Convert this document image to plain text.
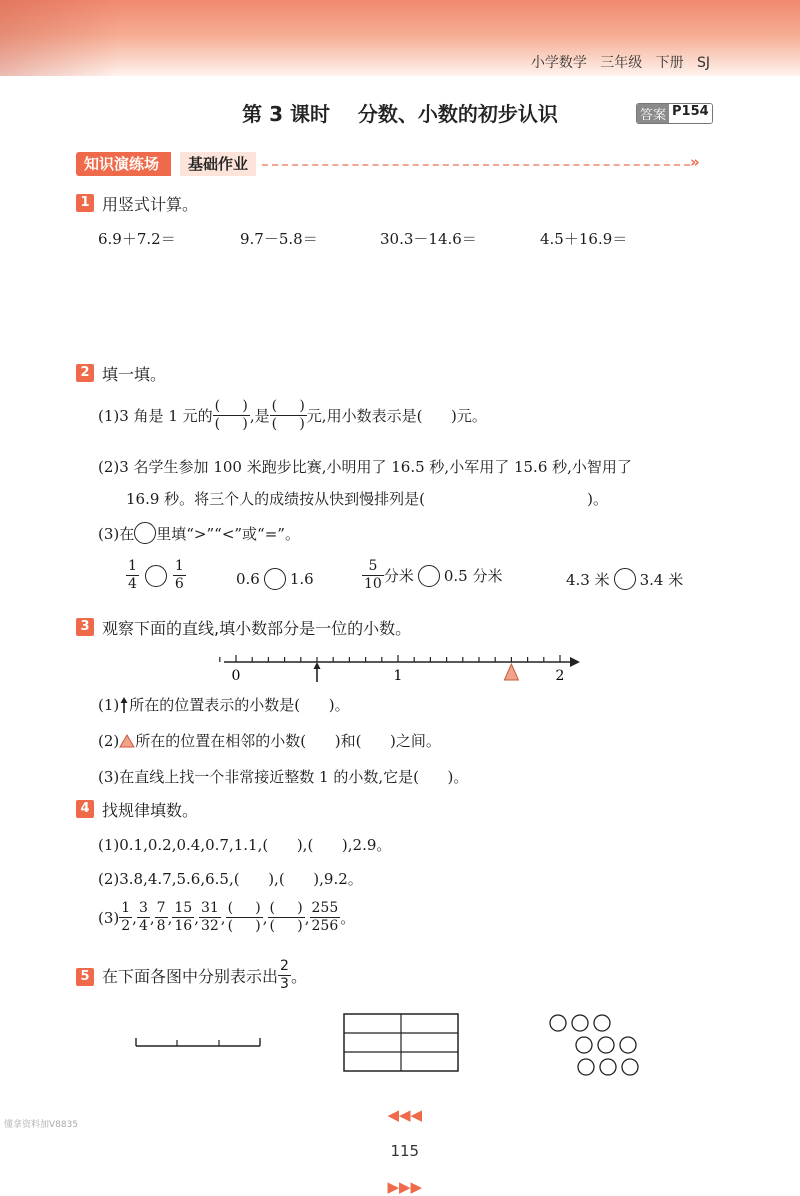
小学数学   三年级   下册   SJ
第 3 课时    分数、小数的初步认识	答案 P154
知识演练场	基础作业	»
1 用竖式计算。
6.9＋7.2＝	9.7－5.8＝	30.3－14.6＝	4.5＋16.9＝
2 填一填。
(1)3 角是 1 元的 $\frac{( )}{( )}$ ,是 $\frac{( )}{( )}$ 元,用小数表示是(      )元。
(2)3 名学生参加 100 米跑步比赛,小明用了 16.5 秒,小军用了 15.6 秒,小智用了
16.9 秒。将三个人的成绩按从快到慢排列是(                                  )。
(3)在 里填“>”“<”或“=”。
$\frac{1}{4} \frac{1}{6}$	0.6 1.6	$\frac{5}{10}$ 分米 0.5 分米	4.3 米 3.4 米
3 观察下面的直线,填小数部分是一位的小数。
0	1	2
(1) 所在的位置表示的小数是(      )。
(2) 所在的位置在相邻的小数(      )和(      )之间。
(3)在直线上找一个非常接近整数 1 的小数,它是(      )。
4 找规律填数。
(1)0.1,0.2,0.4,0.7,1.1,(      ),(      ),2.9。
(2)3.8,4.7,5.6,6.5,(      ),(      ),9.2。
$(3) \frac{1}{2}$ , $\frac{3}{4}$ , $\frac{7}{8}$ , $\frac{15}{16}$ , $\frac{31}{32}$ , $\frac{( )}{( )}$ , $\frac{( )}{( )}$ , $\frac{255}{256}$ 。
5 在下面各图中分别表示出 $\frac{2}{3}$ 。

◀◀◀

115

▶▶▶

懂拿资料加V8835
